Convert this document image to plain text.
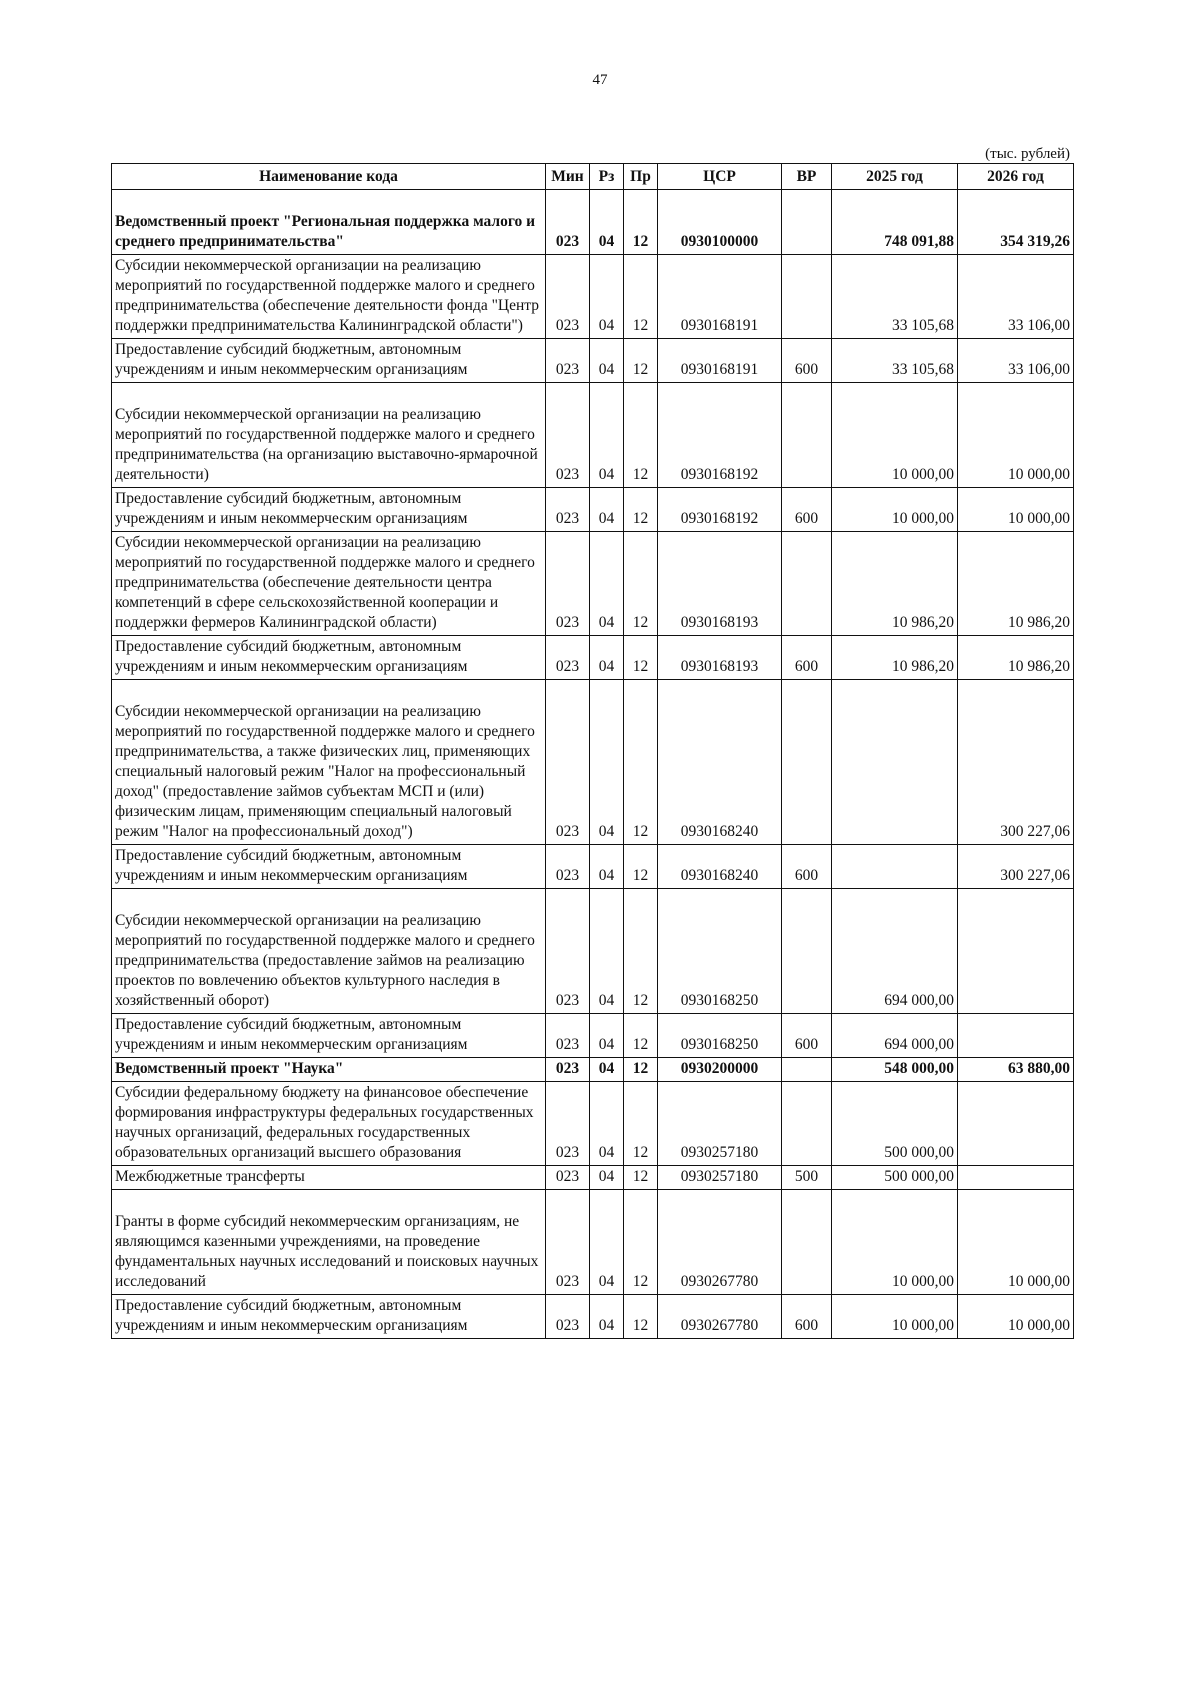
47
(тыс. рублей)
Наименование кода	Мин	Рз	Пр	ЦСР	ВР	2025 год	2026 год
Ведомственный проект "Региональная поддержка малого и среднего предпринимательства"	023	04	12	0930100000		748 091,88	354 319,26
Субсидии некоммерческой организации на реализацию мероприятий по государственной поддержке малого и среднего предпринимательства (обеспечение деятельности фонда "Центр поддержки предпринимательства Калининградской области")	023	04	12	0930168191		33 105,68	33 106,00
Предоставление субсидий бюджетным, автономным учреждениям и иным некоммерческим организациям	023	04	12	0930168191	600	33 105,68	33 106,00
Субсидии некоммерческой организации на реализацию мероприятий по государственной поддержке малого и среднего предпринимательства (на организацию выставочно-ярмарочной деятельности)	023	04	12	0930168192		10 000,00	10 000,00
Предоставление субсидий бюджетным, автономным учреждениям и иным некоммерческим организациям	023	04	12	0930168192	600	10 000,00	10 000,00
Субсидии некоммерческой организации на реализацию мероприятий по государственной поддержке малого и среднего предпринимательства (обеспечение деятельности центра компетенций в сфере сельскохозяйственной кооперации и поддержки фермеров Калининградской области)	023	04	12	0930168193		10 986,20	10 986,20
Предоставление субсидий бюджетным, автономным учреждениям и иным некоммерческим организациям	023	04	12	0930168193	600	10 986,20	10 986,20
Субсидии некоммерческой организации на реализацию мероприятий по государственной поддержке малого и среднего предпринимательства, а также физических лиц, применяющих специальный налоговый режим "Налог на профессиональный доход" (предоставление займов субъектам МСП и (или) физическим лицам, применяющим специальный налоговый режим "Налог на профессиональный доход")	023	04	12	0930168240			300 227,06
Предоставление субсидий бюджетным, автономным учреждениям и иным некоммерческим организациям	023	04	12	0930168240	600		300 227,06
Субсидии некоммерческой организации на реализацию мероприятий по государственной поддержке малого и среднего предпринимательства (предоставление займов на реализацию проектов по вовлечению объектов культурного наследия в хозяйственный оборот)	023	04	12	0930168250		694 000,00	
Предоставление субсидий бюджетным, автономным учреждениям и иным некоммерческим организациям	023	04	12	0930168250	600	694 000,00	
Ведомственный проект "Наука"	023	04	12	0930200000		548 000,00	63 880,00
Субсидии федеральному бюджету на финансовое обеспечение формирования инфраструктуры федеральных государственных научных организаций, федеральных государственных образовательных организаций высшего образования	023	04	12	0930257180		500 000,00	
Межбюджетные трансферты	023	04	12	0930257180	500	500 000,00	
Гранты в форме субсидий некоммерческим организациям, не являющимся казенными учреждениями, на проведение фундаментальных научных исследований и поисковых научных исследований	023	04	12	0930267780		10 000,00	10 000,00
Предоставление субсидий бюджетным, автономным учреждениям и иным некоммерческим организациям	023	04	12	0930267780	600	10 000,00	10 000,00
